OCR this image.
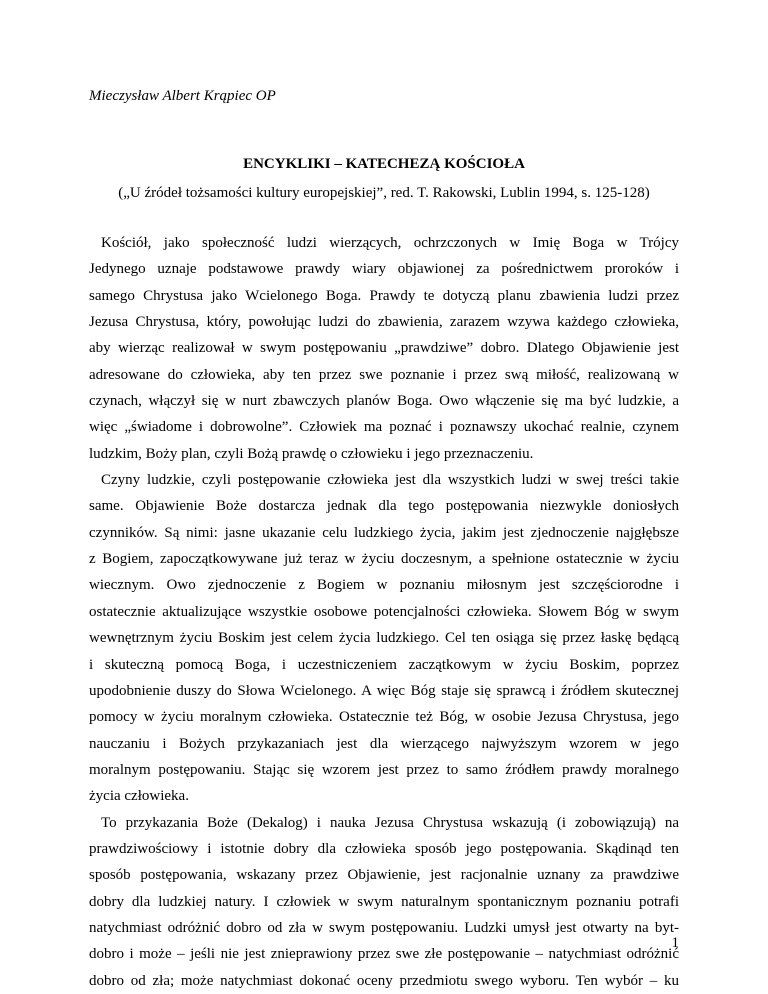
Mieczysław Albert Krąpiec OP
ENCYKLIKI – KATECHEZĄ KOŚCIOŁA
(„U źródeł tożsamości kultury europejskiej”, red. T. Rakowski, Lublin 1994, s. 125-128)
Kościół, jako społeczność ludzi wierzących, ochrzczonych w Imię Boga w Trójcy
Jedynego uznaje podstawowe prawdy wiary objawionej za pośrednictwem proroków i
samego Chrystusa jako Wcielonego Boga. Prawdy te dotyczą planu zbawienia ludzi przez
Jezusa Chrystusa, który, powołując ludzi do zbawienia, zarazem wzywa każdego człowieka,
aby wierząc realizował w swym postępowaniu „prawdziwe” dobro. Dlatego Objawienie jest
adresowane do człowieka, aby ten przez swe poznanie i przez swą miłość, realizowaną w
czynach, włączył się w nurt zbawczych planów Boga. Owo włączenie się ma być ludzkie, a
więc „świadome i dobrowolne”. Człowiek ma poznać i poznawszy ukochać realnie, czynem
ludzkim, Boży plan, czyli Bożą prawdę o człowieku i jego przeznaczeniu.
Czyny ludzkie, czyli postępowanie człowieka jest dla wszystkich ludzi w swej treści takie
same. Objawienie Boże dostarcza jednak dla tego postępowania niezwykle doniosłych
czynników. Są nimi: jasne ukazanie celu ludzkiego życia, jakim jest zjednoczenie najgłębsze
z Bogiem, zapoczątkowywane już teraz w życiu doczesnym, a spełnione ostatecznie w życiu
wiecznym. Owo zjednoczenie z Bogiem w poznaniu miłosnym jest szczęściorodne i
ostatecznie aktualizujące wszystkie osobowe potencjalności człowieka. Słowem Bóg w swym
wewnętrznym życiu Boskim jest celem życia ludzkiego. Cel ten osiąga się przez łaskę będącą
i skuteczną pomocą Boga, i uczestniczeniem zaczątkowym w życiu Boskim, poprzez
upodobnienie duszy do Słowa Wcielonego. A więc Bóg staje się sprawcą i źródłem skutecznej
pomocy w życiu moralnym człowieka. Ostatecznie też Bóg, w osobie Jezusa Chrystusa, jego
nauczaniu i Bożych przykazaniach jest dla wierzącego najwyższym wzorem w jego
moralnym postępowaniu. Stając się wzorem jest przez to samo źródłem prawdy moralnego
życia człowieka.
To przykazania Boże (Dekalog) i nauka Jezusa Chrystusa wskazują (i zobowiązują) na
prawdziwościowy i istotnie dobry dla człowieka sposób jego postępowania. Skądinąd ten
sposób postępowania, wskazany przez Objawienie, jest racjonalnie uznany za prawdziwe
dobry dla ludzkiej natury. I człowiek w swym naturalnym spontanicznym poznaniu potrafi
natychmiast odróżnić dobro od zła w swym postępowaniu. Ludzki umysł jest otwarty na byt-
dobro i może – jeśli nie jest znieprawiony przez swe złe postępowanie – natychmiast odróżnić
dobro od zła; może natychmiast dokonać oceny przedmiotu swego wyboru. Ten wybór – ku
1
